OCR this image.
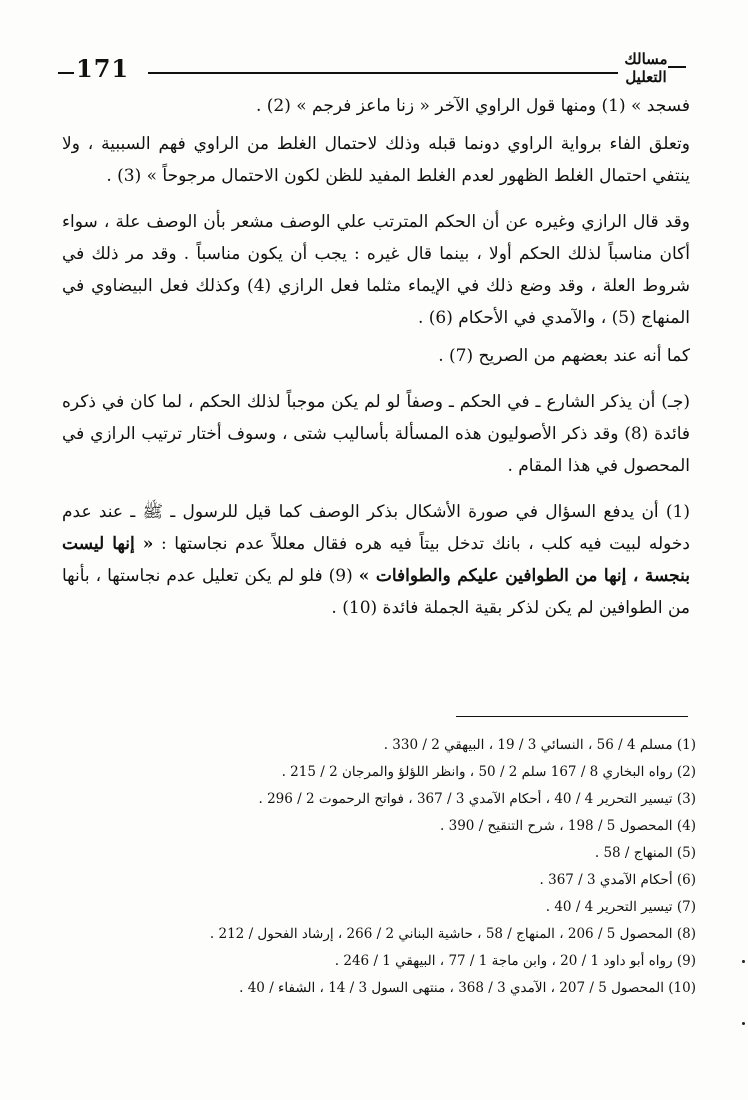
171	مسالك التعليل

فسجد » (1) ومنها قول الراوي الآخر « زنا ماعز فرجم » (2) .

وتعلق الفاء برواية الراوي دونما قبله وذلك لاحتمال الغلط من الراوي فهم السببية ، ولا ينتفي احتمال الغلط الظهور لعدم الغلط المفيد للظن لكون الاحتمال مرجوحاً » (3) .

وقد قال الرازي وغيره عن أن الحكم المترتب علي الوصف مشعر بأن الوصف علة ، سواء أكان مناسباً لذلك الحكم أولا ، بينما قال غيره : يجب أن يكون مناسباً . وقد مر ذلك في شروط العلة ، وقد وضع ذلك في الإيماء مثلما فعل الرازي (4) وكذلك فعل البيضاوي في المنهاج (5) ، والآمدي في الأحكام (6) .

كما أنه عند بعضهم من الصريح (7) .

(جـ) أن يذكر الشارع ـ في الحكم ـ وصفاً لو لم يكن موجباً لذلك الحكم ، لما كان في ذكره فائدة (8) وقد ذكر الأصوليون هذه المسألة بأساليب شتى ، وسوف أختار ترتيب الرازي في المحصول في هذا المقام .

(1) أن يدفع السؤال في صورة الأشكال بذكر الوصف كما قيل للرسول ـ ﷺ ـ عند عدم دخوله لبيت فيه كلب ، بانك تدخل بيتاً فيه هره فقال معللاً عدم نجاستها : « إنها ليست بنجسة ، إنها من الطوافين عليكم والطوافات » (9) فلو لم يكن تعليل عدم نجاستها ، بأنها من الطوافين لم يكن لذكر بقية الجملة فائدة (10) .

(1) مسلم 4 / 56 ، النسائي 3 / 19 ، البيهقي 2 / 330 .

(2) رواه البخاري 8 / 167 سلم 2 / 50 ، وانظر اللؤلؤ والمرجان 2 / 215 .

(3) تيسير التحرير 4 / 40 ، أحكام الآمدي 3 / 367 ، فواتح الرحموت 2 / 296 .

(4) المحصول 5 / 198 ، شرح التنقيح / 390 .

(5) المنهاج / 58 .

(6) أحكام الآمدي 3 / 367 .

(7) تيسير التحرير 4 / 40 .

(8) المحصول 5 / 206 ، المنهاج / 58 ، حاشية البناني 2 / 266 ، إرشاد الفحول / 212 .

(9) رواه أبو داود 1 / 20 ، وابن ماجة 1 / 77 ، البيهقي 1 / 246 .

(10) المحصول 5 / 207 ، الآمدي 3 / 368 ، منتهى السول 3 / 14 ، الشفاء / 40 .
